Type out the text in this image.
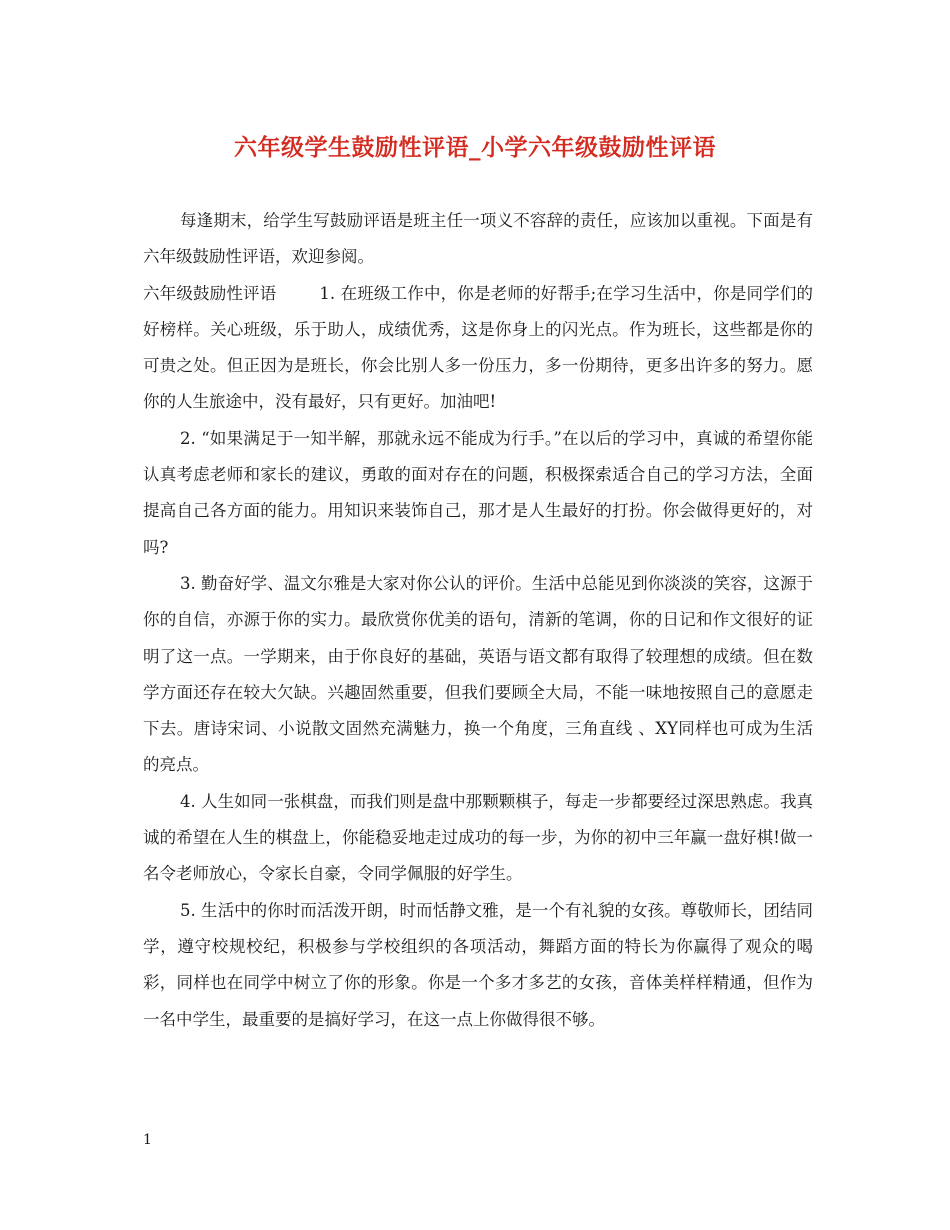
六年级学生鼓励性评语_小学六年级鼓励性评语

每逢期末，给学生写鼓励评语是班主任一项义不容辞的责任，应该加以重视。下面是有六年级鼓励性评语，欢迎参阅。

六年级鼓励性评语	1. 在班级工作中，你是老师的好帮手;在学习生活中，你是同学们的好榜样。关心班级，乐于助人，成绩优秀，这是你身上的闪光点。作为班长，这些都是你的可贵之处。但正因为是班长，你会比别人多一份压力，多一份期待，更多出许多的努力。愿你的人生旅途中，没有最好，只有更好。加油吧!

2. “如果满足于一知半解，那就永远不能成为行手。”在以后的学习中，真诚的希望你能认真考虑老师和家长的建议，勇敢的面对存在的问题，积极探索适合自己的学习方法，全面提高自己各方面的能力。用知识来装饰自己，那才是人生最好的打扮。你会做得更好的，对吗?

3. 勤奋好学、温文尔雅是大家对你公认的评价。生活中总能见到你淡淡的笑容，这源于你的自信，亦源于你的实力。最欣赏你优美的语句，清新的笔调，你的日记和作文很好的证明了这一点。一学期来，由于你良好的基础，英语与语文都有取得了较理想的成绩。但在数学方面还存在较大欠缺。兴趣固然重要，但我们要顾全大局，不能一味地按照自己的意愿走下去。唐诗宋词、小说散文固然充满魅力，换一个角度，三角直线 、XY同样也可成为生活的亮点。

4. 人生如同一张棋盘，而我们则是盘中那颗颗棋子，每走一步都要经过深思熟虑。我真诚的希望在人生的棋盘上，你能稳妥地走过成功的每一步，为你的初中三年赢一盘好棋!做一名令老师放心，令家长自豪，令同学佩服的好学生。

5. 生活中的你时而活泼开朗，时而恬静文雅，是一个有礼貌的女孩。尊敬师长，团结同学，遵守校规校纪，积极参与学校组织的各项活动，舞蹈方面的特长为你赢得了观众的喝彩，同样也在同学中树立了你的形象。你是一个多才多艺的女孩，音体美样样精通，但作为一名中学生，最重要的是搞好学习，在这一点上你做得很不够。

1
